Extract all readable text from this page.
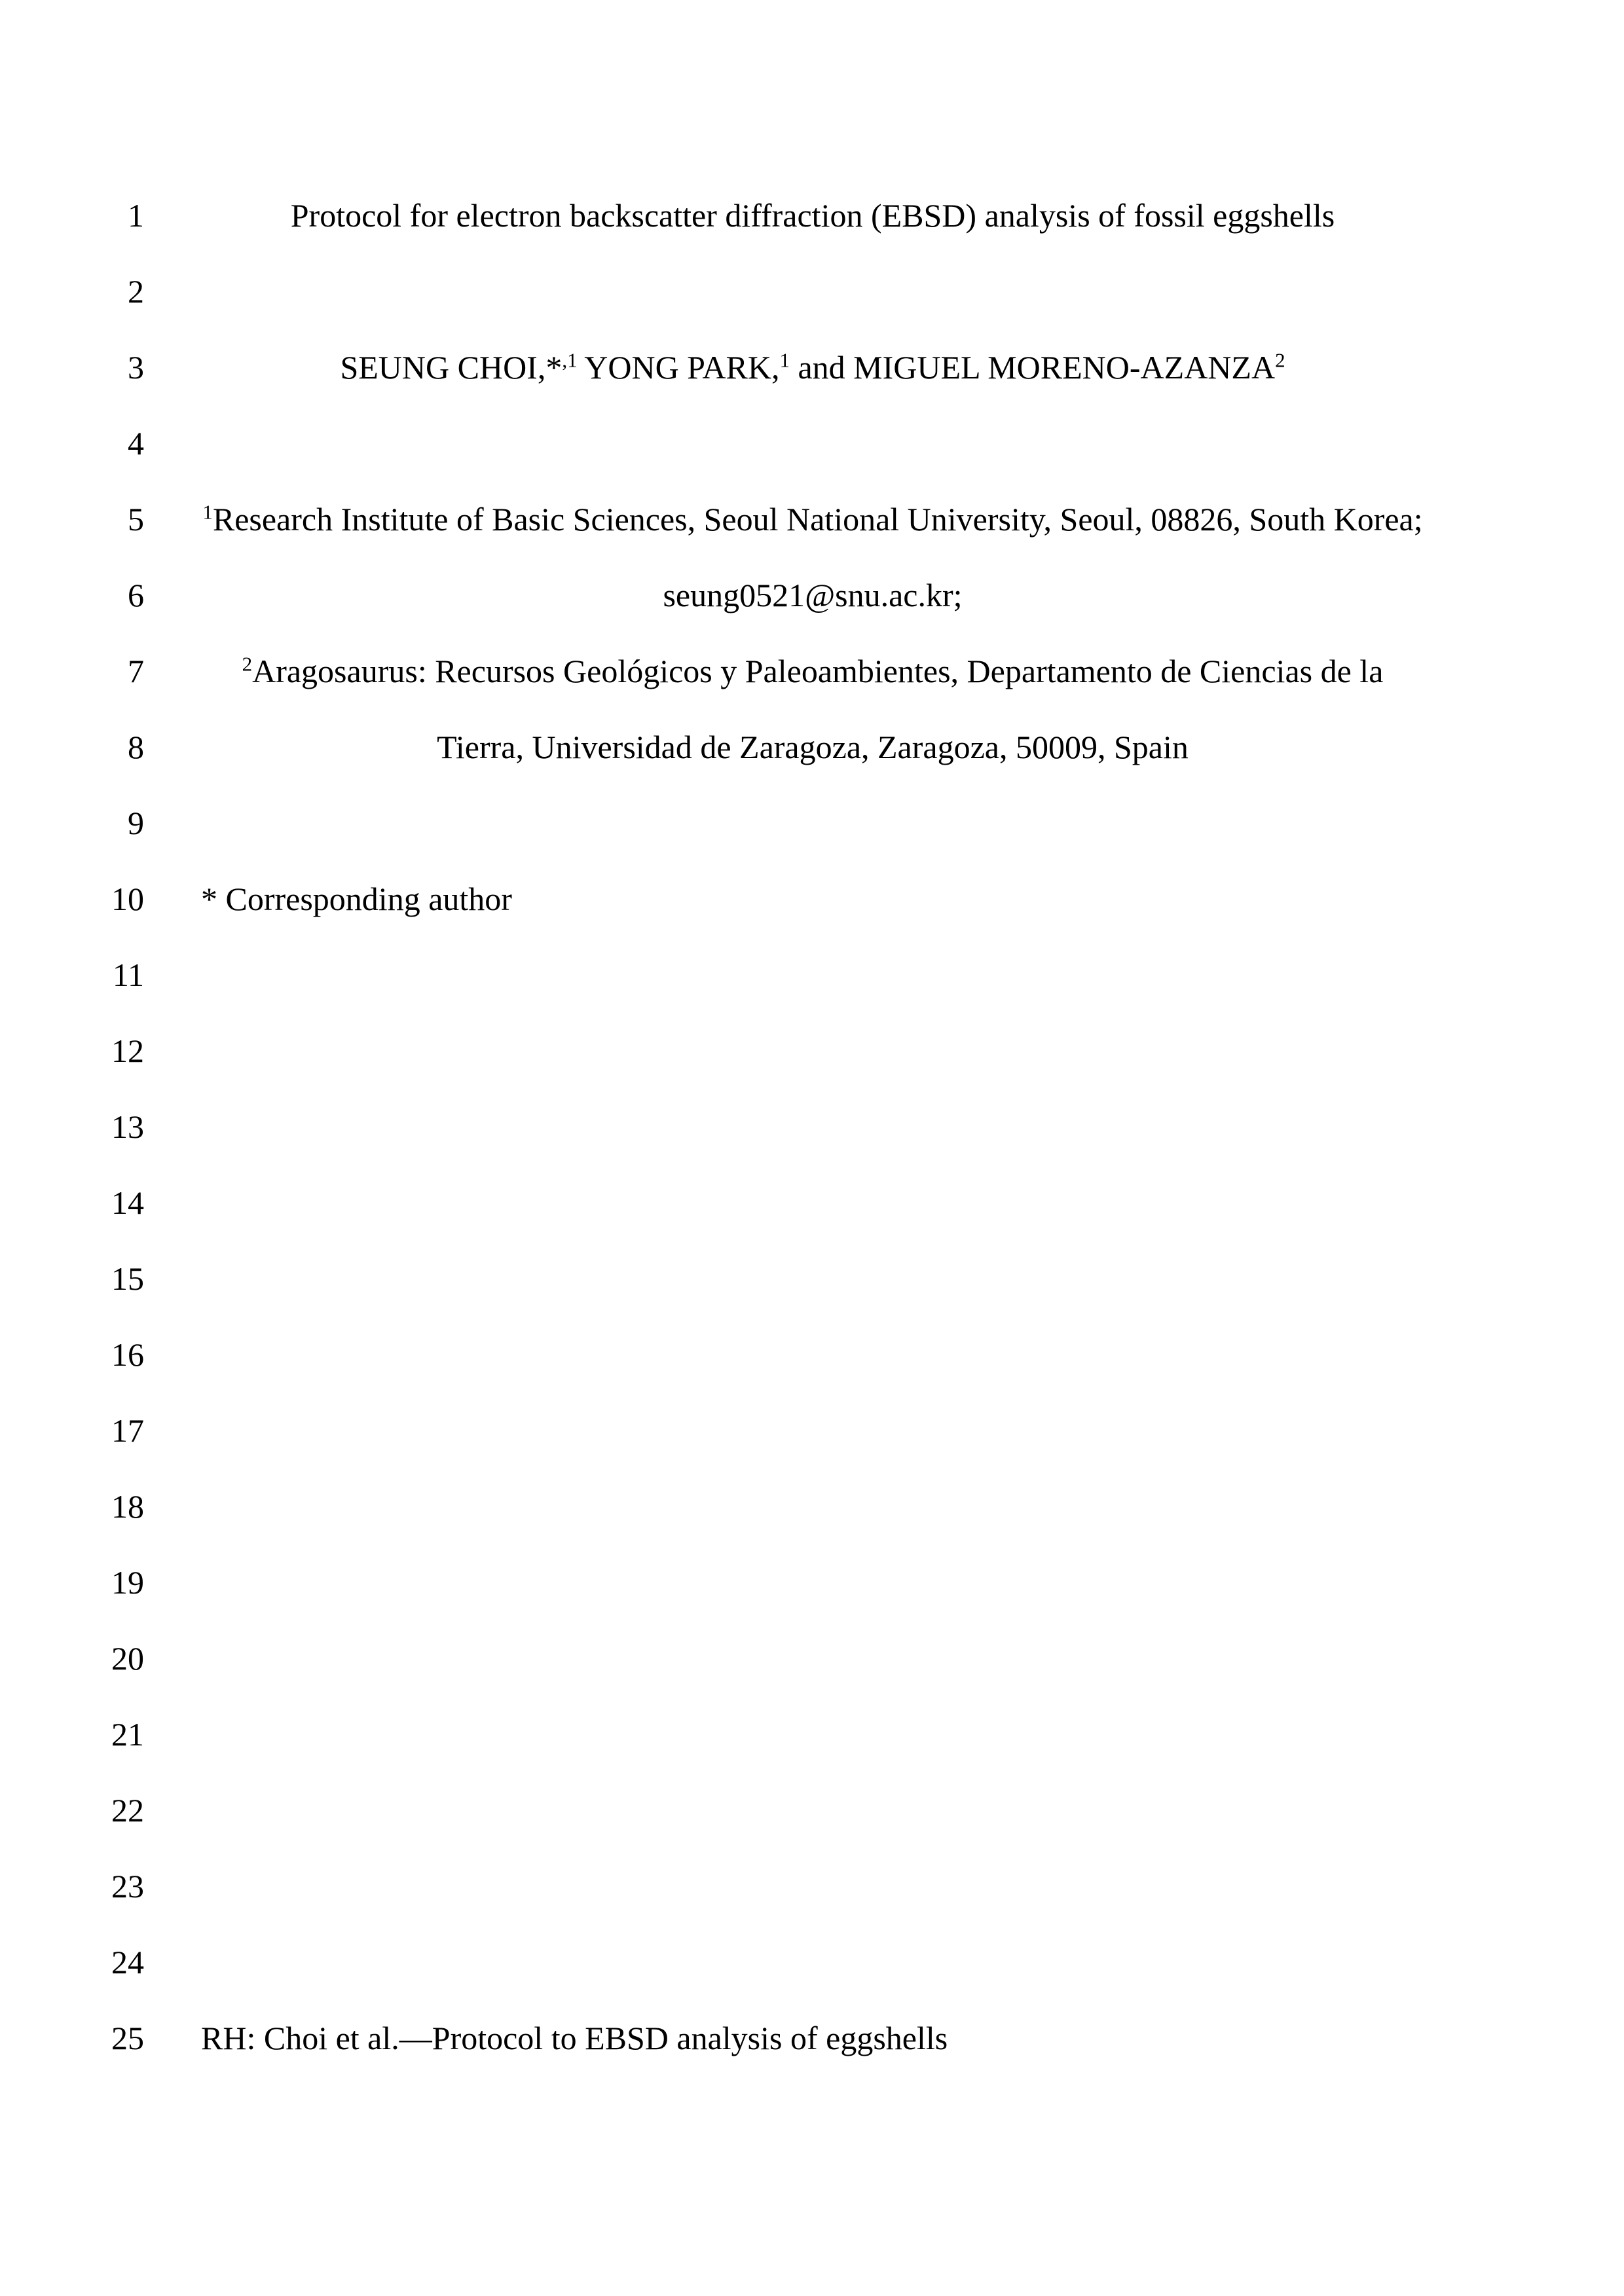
1	Protocol for electron backscatter diffraction (EBSD) analysis of fossil eggshells
2
3	SEUNG CHOI,*$^{,1}$ YONG PARK,$^1$ and MIGUEL MORENO-AZANZA$^2$
4
5	$^1$Research Institute of Basic Sciences, Seoul National University, Seoul, 08826, South Korea;
6	seung0521@snu.ac.kr;
7	$^2$Aragosaurus: Recursos Geológicos y Paleoambientes, Departamento de Ciencias de la
8	Tierra, Universidad de Zaragoza, Zaragoza, 50009, Spain
9
10 * Corresponding author
11
12
13
14
15
16
17
18
19
20
21
22
23
24
25 RH: Choi et al.—Protocol to EBSD analysis of eggshells
